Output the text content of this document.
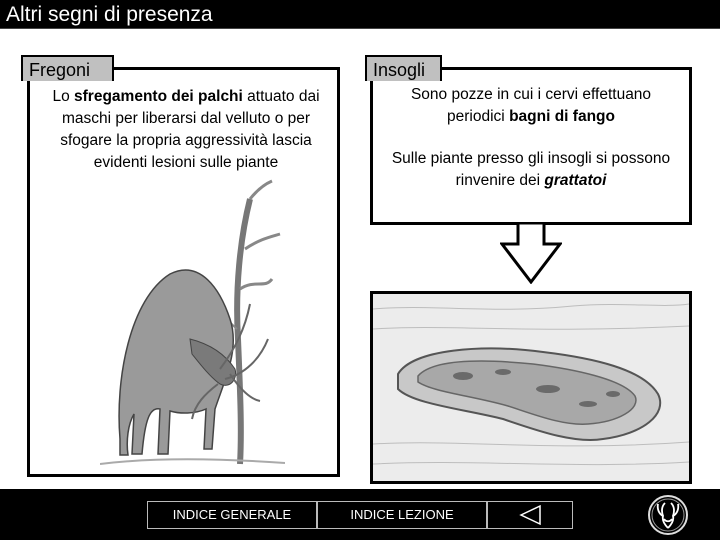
Altri segni di presenza
Fregoni
Lo sfregamento dei palchi attuato dai maschi per liberarsi dal velluto o per sfogare la propria aggressività lascia evidenti lesioni sulle piante
Insogli

Sono pozze in cui i cervi effettuano periodici bagni di fango

Sulle piante presso gli insogli si possono rinvenire dei grattatoi

INDICE GENERALE	INDICE LEZIONE
